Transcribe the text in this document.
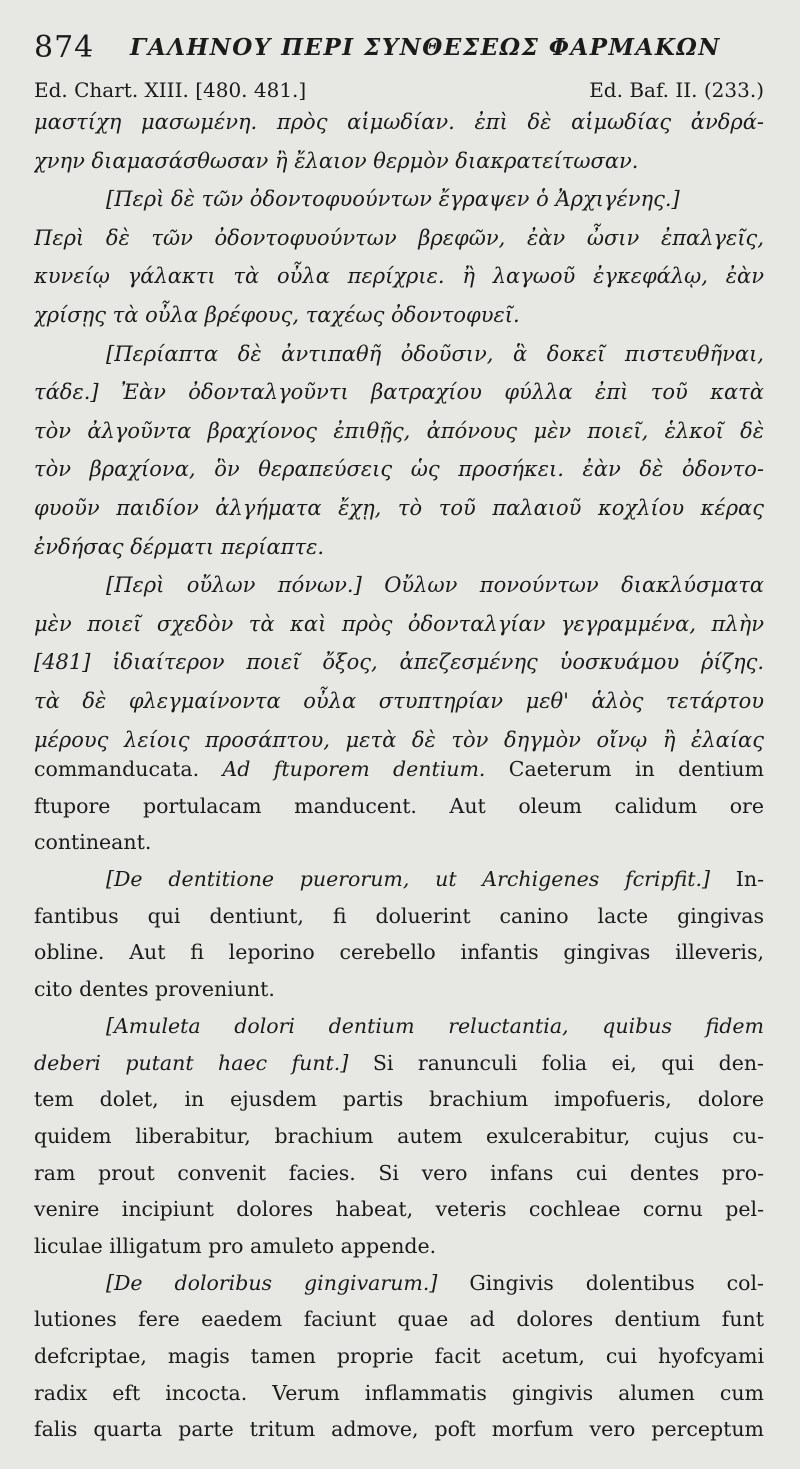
874 ΓΑΛΗΝΟΥ ΠΕΡΙ ΣΥΝΘΕΣΕΩΣ ΦΑΡΜΑΚΩΝ
Ed. Chart. XIII. [480. 481.]	Ed. Baf. II. (233.)
μαστίχη μασωμένη. πρὸς αἱμωδίαν. ἐπὶ δὲ αἱμωδίας ἀνδρά-
χνην διαμασάσθωσαν ἢ ἔλαιον θερμὸν διακρατείτωσαν.
[Περὶ δὲ τῶν ὀδοντοφυούντων ἔγραψεν ὁ Ἀρχιγένης.]
Περὶ δὲ τῶν ὀδοντοφυούντων βρεφῶν, ἐὰν ὦσιν ἐπαλγεῖς,
κυνείῳ γάλακτι τὰ οὖλα περίχριε. ἢ λαγωοῦ ἐγκεφάλῳ, ἐὰν
χρίσῃς τὰ οὖλα βρέφους, ταχέως ὀδοντοφυεῖ.
[Περίαπτα δὲ ἀντιπαθῆ ὀδοῦσιν, ἃ δοκεῖ πιστευθῆναι,
τάδε.] Ἐὰν ὀδονταλγοῦντι βατραχίου φύλλα ἐπὶ τοῦ κατὰ
τὸν ἀλγοῦντα βραχίονος ἐπιθῇς, ἀπόνους μὲν ποιεῖ, ἑλκοῖ δὲ
τὸν βραχίονα, ὃν θεραπεύσεις ὡς προσήκει. ἐὰν δὲ ὀδοντο-
φυοῦν παιδίον ἀλγήματα ἔχῃ, τὸ τοῦ παλαιοῦ κοχλίου κέρας
ἐνδήσας δέρματι περίαπτε.
[Περὶ οὔλων πόνων.] Οὔλων πονούντων διακλύσματα
μὲν ποιεῖ σχεδὸν τὰ καὶ πρὸς ὀδονταλγίαν γεγραμμένα, πλὴν
[481] ἰδιαίτερον ποιεῖ ὄξος, ἀπεζεσμένης ὑοσκυάμου ῥίζης.
τὰ δὲ φλεγμαίνοντα οὖλα στυπτηρίαν μεθ' ἁλὸς τετάρτου
μέρους λείοις προσάπτου, μετὰ δὲ τὸν δηγμὸν οἴνῳ ἢ ἐλαίας
commanducata. Ad ftuporem dentium. Caeterum in dentium
ftupore portulacam manducent. Aut oleum calidum ore
contineant.
[De dentitione puerorum, ut Archigenes fcripfit.] In-
fantibus qui dentiunt, fi doluerint canino lacte gingivas
obline. Aut fi leporino cerebello infantis gingivas illeveris,
cito dentes proveniunt.
[Amuleta dolori dentium reluctantia, quibus fidem
deberi putant haec funt.] Si ranunculi folia ei, qui den-
tem dolet, in ejusdem partis brachium impofueris, dolore
quidem liberabitur, brachium autem exulcerabitur, cujus cu-
ram prout convenit facies. Si vero infans cui dentes pro-
venire incipiunt dolores habeat, veteris cochleae cornu pel-
liculae illigatum pro amuleto appende.
[De doloribus gingivarum.] Gingivis dolentibus col-
lutiones fere eaedem faciunt quae ad dolores dentium funt
defcriptae, magis tamen proprie facit acetum, cui hyofcyami
radix eft incocta. Verum inflammatis gingivis alumen cum
falis quarta parte tritum admove, poft morfum vero perceptum
